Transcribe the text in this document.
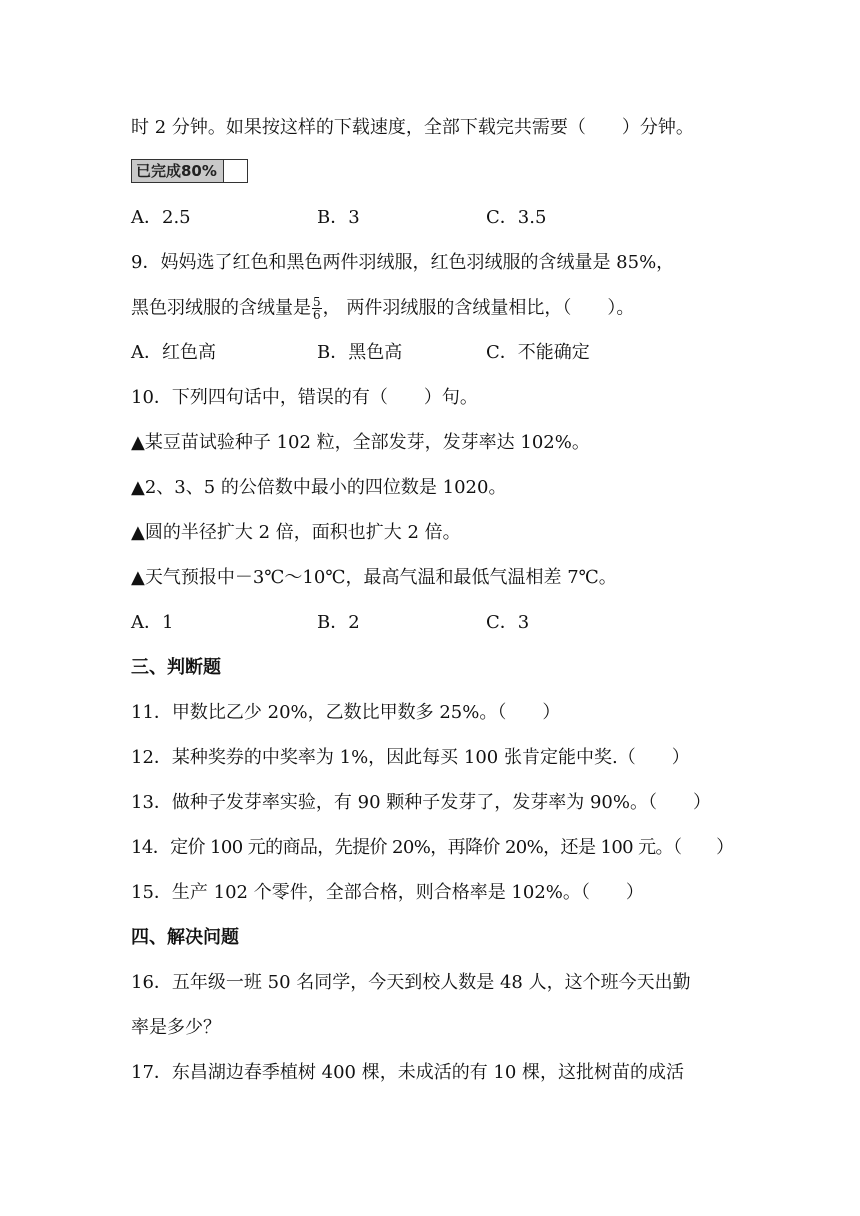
时 2 分钟。如果按这样的下载速度，全部下载完共需要（　　）分钟。
已完成80%
A．2.5	B．3	C．3.5
9．妈妈选了红色和黑色两件羽绒服，红色羽绒服的含绒量是 85%，
黑色羽绒服的含绒量是 $\frac{5}{6}$ ， 两件羽绒服的含绒量相比，（　　）。
A．红色高	B．黑色高	C．不能确定
10．下列四句话中，错误的有（　　）句。
▲某豆苗试验种子 102 粒，全部发芽，发芽率达 102%。
▲2、3、5 的公倍数中最小的四位数是 1020。
▲圆的半径扩大 2 倍，面积也扩大 2 倍。
▲天气预报中－3℃～10℃，最高气温和最低气温相差 7℃。
A．1	B．2	C．3
三、判断题
11．甲数比乙少 20%，乙数比甲数多 25%。（　　）
12．某种奖券的中奖率为 1%，因此每买 100 张肯定能中奖.（　　）
13．做种子发芽率实验，有 90 颗种子发芽了，发芽率为 90%。（　　）
14．定价 100 元的商品，先提价 20%，再降价 20%，还是 100 元。（　　）
15．生产 102 个零件，全部合格，则合格率是 102%。（　　）
四、解决问题
16．五年级一班 50 名同学，今天到校人数是 48 人，这个班今天出勤
率是多少？
17．东昌湖边春季植树 400 棵，未成活的有 10 棵，这批树苗的成活
